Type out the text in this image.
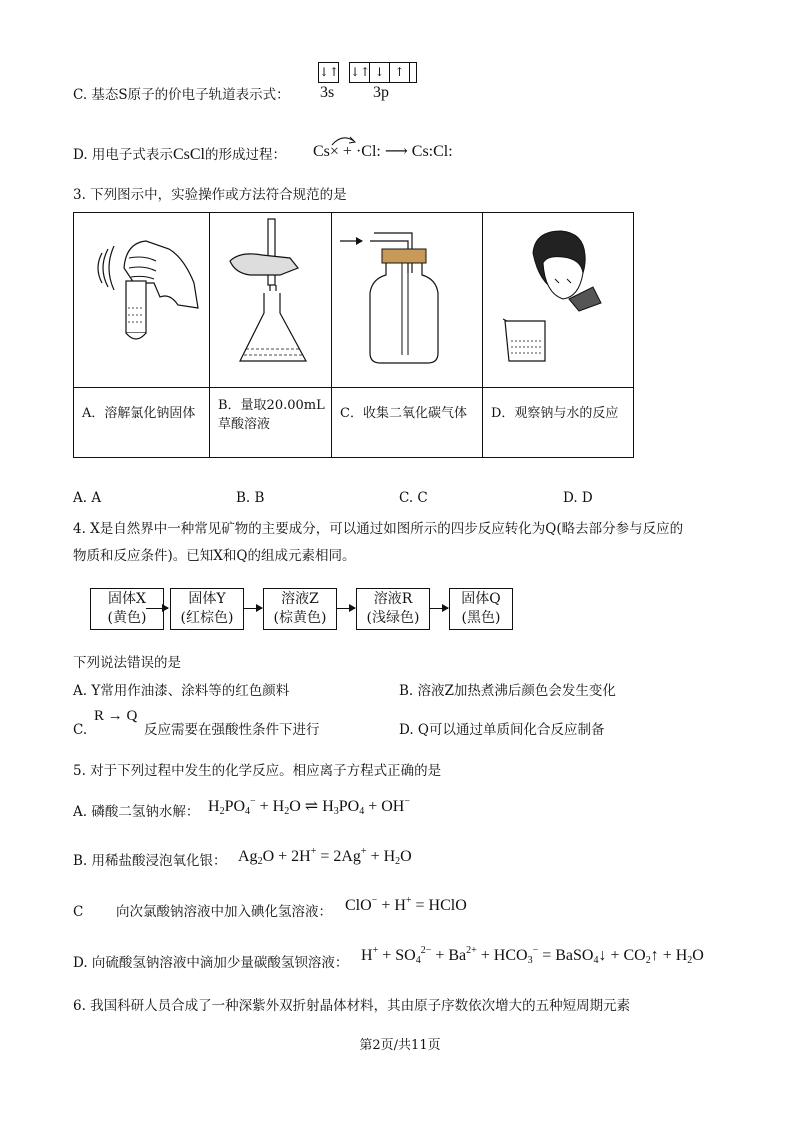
C. 基态S原子的价电子轨道表示式：
↓↑ ↓↑ ↓ ↑
3s 3p
D. 用电子式表示CsCl的形成过程： Cs× + ·Cl: ⟶ Cs:Cl:
3. 下列图示中，实验操作或方法符合规范的是

A．溶解氯化钠固体	B．量取20.00mL草酸溶液	C．收集二氧化碳气体	D．观察钠与水的反应
A. A	B. B	C. C	D. D
4. X是自然界中一种常见矿物的主要成分，可以通过如图所示的四步反应转化为Q(略去部分参与反应的
物质和反应条件)。已知X和Q的组成元素相同。
固体X
(黄色)
固体Y
(红棕色)
溶液Z
(棕黄色)
溶液R
(浅绿色)
固体Q
(黑色)
下列说法错误的是
A. Y常用作油漆、涂料等的红色颜料	B. 溶液Z加热煮沸后颜色会发生变化
C.
R → Q
反应需要在强酸性条件下进行	D. Q可以通过单质间化合反应制备
5. 对于下列过程中发生的化学反应。相应离子方程式正确的是
A. 磷酸二氢钠水解： $H_2PO_4^- + H_2O$ ⇌ $H_3PO_4 + OH^-$
B. 用稀盐酸浸泡氧化银： $Ag_2O + 2H^+ = 2Ag^+ + H_2O$
C 向次氯酸钠溶液中加入碘化氢溶液： ClO− + H+ = HClO
D. 向硫酸氢钠溶液中滴加少量碳酸氢钡溶液： $H^+ + SO_4^{2-} + Ba^{2+} + HCO_3^-$ = BaSO$_4$↓ + $CO_2↑ + H_2O$
6. 我国科研人员合成了一种深紫外双折射晶体材料，其由原子序数依次增大的五种短周期元素
第2页/共11页
